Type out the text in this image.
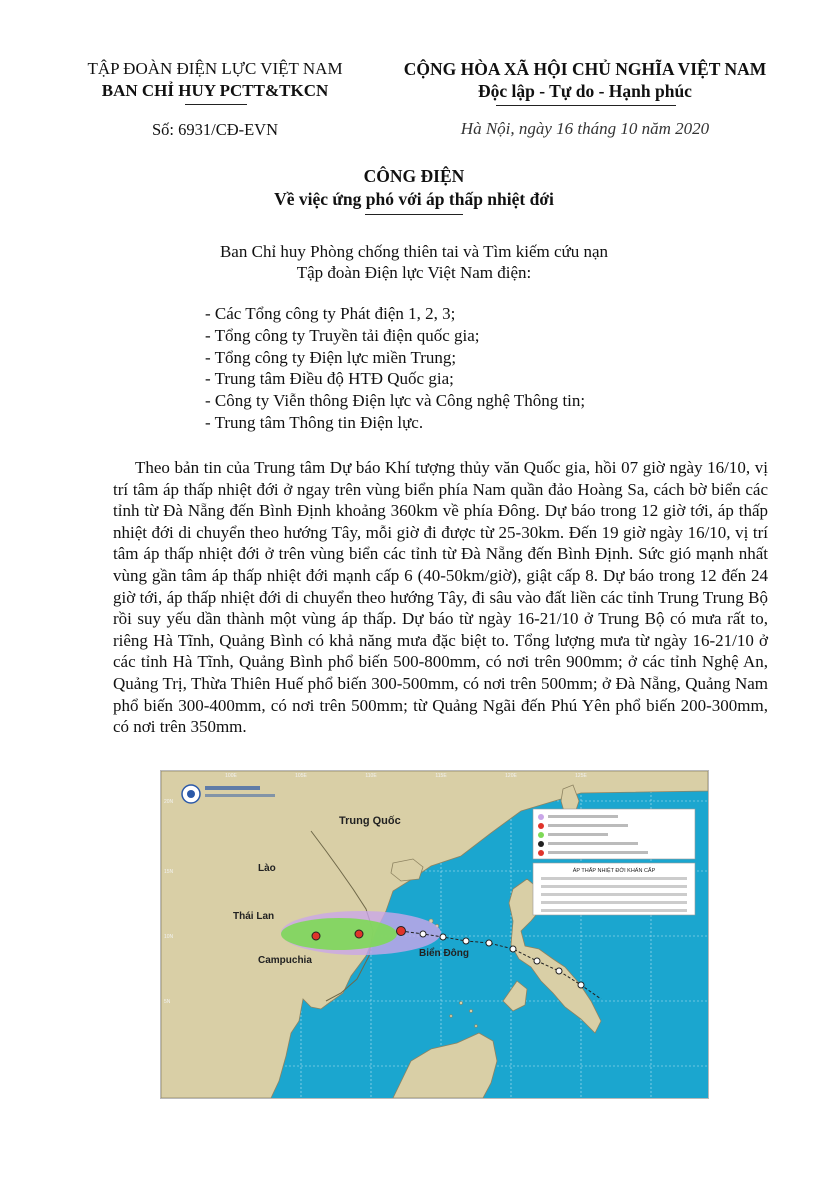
TẬP ĐOÀN ĐIỆN LỰC VIỆT NAM
BAN CHỈ HUY PCTT&TKCN
Số: 6931/CĐ-EVN
CỘNG HÒA XÃ HỘI CHỦ NGHĨA VIỆT NAM
Độc lập - Tự do - Hạnh phúc
Hà Nội, ngày 16 tháng 10 năm 2020
CÔNG ĐIỆN
Về việc ứng phó với áp thấp nhiệt đới
Ban Chỉ huy Phòng chống thiên tai và Tìm kiếm cứu nạn
Tập đoàn Điện lực Việt Nam điện:
- Các Tổng công ty Phát điện 1, 2, 3;
- Tổng công ty Truyền tải điện quốc gia;
- Tổng công ty Điện lực miền Trung;
- Trung tâm Điều độ HTĐ Quốc gia;
- Công ty Viễn thông Điện lực và Công nghệ Thông tin;
- Trung tâm Thông tin Điện lực.
Theo bản tin của Trung tâm Dự báo Khí tượng thủy văn Quốc gia, hồi 07 giờ ngày 16/10, vị trí tâm áp thấp nhiệt đới ở ngay trên vùng biển phía Nam quần đảo Hoàng Sa, cách bờ biển các tỉnh từ Đà Nẵng đến Bình Định khoảng 360km về phía Đông. Dự báo trong 12 giờ tới, áp thấp nhiệt đới di chuyển theo hướng Tây, mỗi giờ đi được từ 25-30km. Đến 19 giờ ngày 16/10, vị trí tâm áp thấp nhiệt đới ở trên vùng biển các tỉnh từ Đà Nẵng đến Bình Định. Sức gió mạnh nhất vùng gần tâm áp thấp nhiệt đới mạnh cấp 6 (40-50km/giờ), giật cấp 8. Dự báo trong 12 đến 24 giờ tới, áp thấp nhiệt đới di chuyển theo hướng Tây, đi sâu vào đất liền các tỉnh Trung Trung Bộ rồi suy yếu dần thành một vùng áp thấp. Dự báo từ ngày 16-21/10 ở Trung Bộ có mưa rất to, riêng Hà Tĩnh, Quảng Bình có khả năng mưa đặc biệt to. Tổng lượng mưa từ ngày 16-21/10 ở các tỉnh Hà Tĩnh, Quảng Bình phổ biến 500-800mm, có nơi trên 900mm; ở các tỉnh Nghệ An, Quảng Trị, Thừa Thiên Huế phổ biến 300-500mm, có nơi trên 500mm; ở Đà Nẵng, Quảng Nam phổ biến 300-400mm, có nơi trên 500mm; từ Quảng Ngãi đến Phú Yên phổ biến 200-300mm, có nơi trên 350mm.
Trung Quốc
Lào
Thái Lan
Campuchia
Biển Đông
ÁP THẤP NHIỆT ĐỚI KHẨN CẤP
100E	105E	110E	115E	120E	125E
20N
15N
10N
5N
